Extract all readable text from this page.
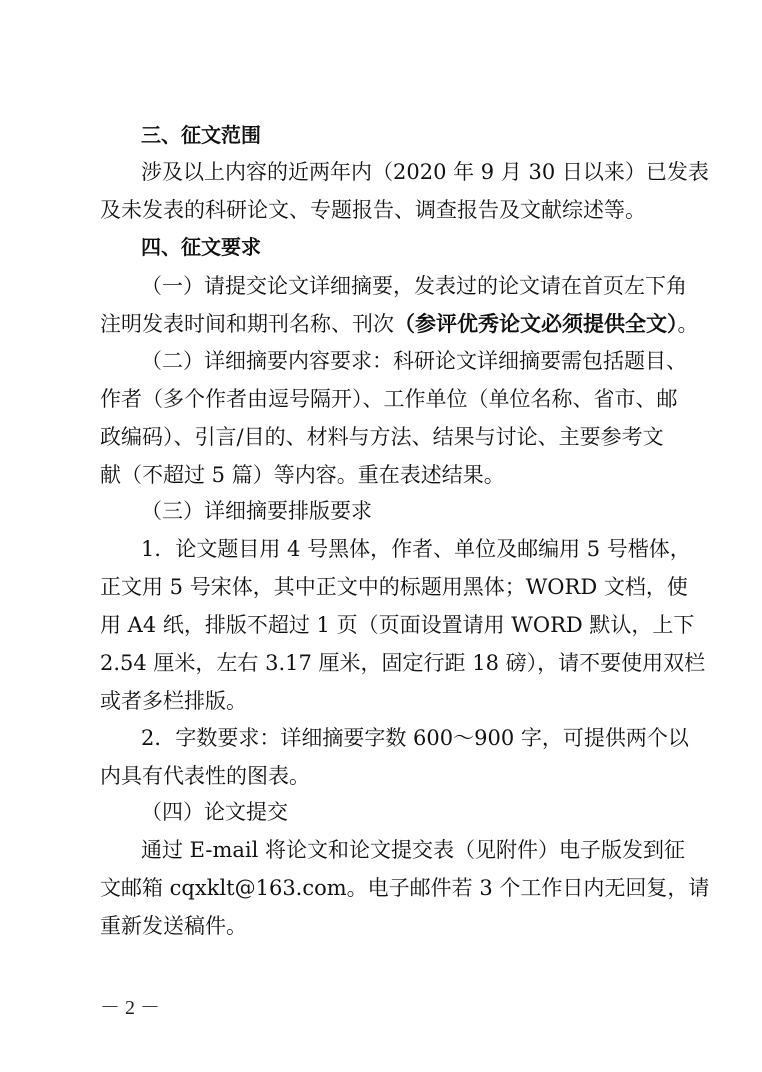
三、征文范围
涉及以上内容的近两年内（2020 年 9 月 30 日以来）已发表
及未发表的科研论文、专题报告、调查报告及文献综述等。
四、征文要求
（一）请提交论文详细摘要，发表过的论文请在首页左下角
注明发表时间和期刊名称、刊次（参评优秀论文必须提供全文）。
（二）详细摘要内容要求：科研论文详细摘要需包括题目、
作者（多个作者由逗号隔开）、工作单位（单位名称、省市、邮
政编码）、引言/目的、材料与方法、结果与讨论、主要参考文
献（不超过 5 篇）等内容。重在表述结果。
（三）详细摘要排版要求
1．论文题目用 4 号黑体，作者、单位及邮编用 5 号楷体，
正文用 5 号宋体，其中正文中的标题用黑体；WORD 文档，使
用 A4 纸，排版不超过 1 页（页面设置请用 WORD 默认，上下
2.54 厘米，左右 3.17 厘米，固定行距 18 磅），请不要使用双栏
或者多栏排版。
2．字数要求：详细摘要字数 600～900 字，可提供两个以
内具有代表性的图表。
（四）论文提交
通过 E-mail 将论文和论文提交表（见附件）电子版发到征
文邮箱 cqxklt@163.com。电子邮件若 3 个工作日内无回复，请
重新发送稿件。
－ 2 －
